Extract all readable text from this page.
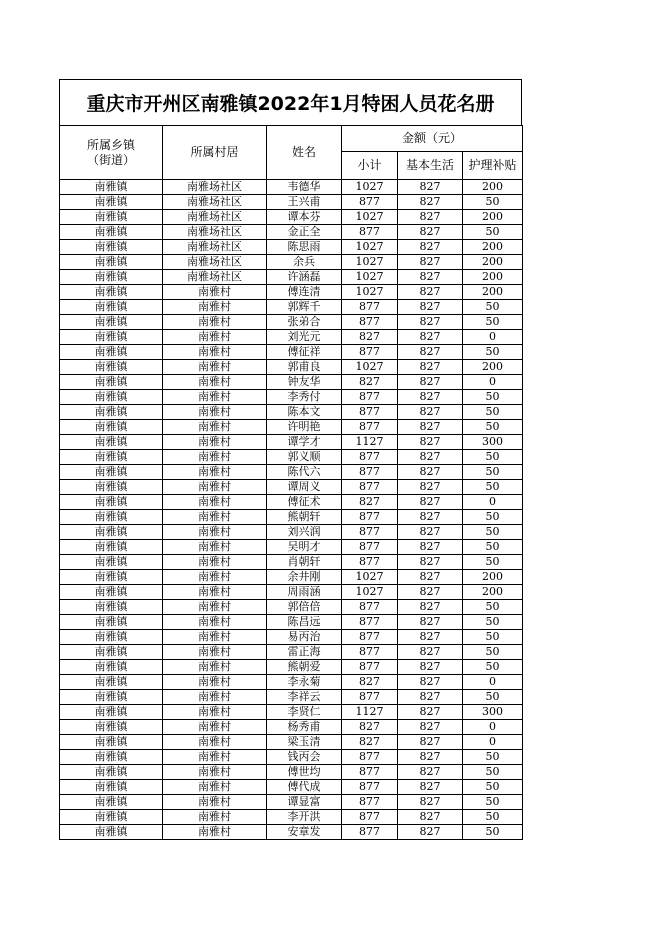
重庆市开州区南雅镇2022年1月特困人员花名册
所属乡镇
（街道）	所属村居	姓名	金额（元）		
			小计	基本生活	护理补贴
南雅镇	南雅场社区	韦德华	1027	827	200
南雅镇	南雅场社区	王兴甫	877	827	50
南雅镇	南雅场社区	谭本芬	1027	827	200
南雅镇	南雅场社区	金正全	877	827	50
南雅镇	南雅场社区	陈思雨	1027	827	200
南雅镇	南雅场社区	余兵	1027	827	200
南雅镇	南雅场社区	许涵磊	1027	827	200
南雅镇	南雅村	傅连清	1027	827	200
南雅镇	南雅村	郭辉千	877	827	50
南雅镇	南雅村	张弟合	877	827	50
南雅镇	南雅村	刘光元	827	827	0
南雅镇	南雅村	傅征祥	877	827	50
南雅镇	南雅村	郭甫良	1027	827	200
南雅镇	南雅村	钟友华	827	827	0
南雅镇	南雅村	李秀付	877	827	50
南雅镇	南雅村	陈本文	877	827	50
南雅镇	南雅村	许明艳	877	827	50
南雅镇	南雅村	谭学才	1127	827	300
南雅镇	南雅村	郭义顺	877	827	50
南雅镇	南雅村	陈代六	877	827	50
南雅镇	南雅村	谭周义	877	827	50
南雅镇	南雅村	傅征术	827	827	0
南雅镇	南雅村	熊朝轩	877	827	50
南雅镇	南雅村	刘兴润	877	827	50
南雅镇	南雅村	吴明才	877	827	50
南雅镇	南雅村	肖朝轩	877	827	50
南雅镇	南雅村	余井刚	1027	827	200
南雅镇	南雅村	周雨涵	1027	827	200
南雅镇	南雅村	郭倍倍	877	827	50
南雅镇	南雅村	陈昌远	877	827	50
南雅镇	南雅村	易丙治	877	827	50
南雅镇	南雅村	雷正海	877	827	50
南雅镇	南雅村	熊朝爱	877	827	50
南雅镇	南雅村	李永菊	827	827	0
南雅镇	南雅村	李祥云	877	827	50
南雅镇	南雅村	李贤仁	1127	827	300
南雅镇	南雅村	杨秀甫	827	827	0
南雅镇	南雅村	梁玉清	827	827	0
南雅镇	南雅村	钱丙会	877	827	50
南雅镇	南雅村	傅世均	877	827	50
南雅镇	南雅村	傅代成	877	827	50
南雅镇	南雅村	谭显富	877	827	50
南雅镇	南雅村	李开洪	877	827	50
南雅镇	南雅村	安章发	877	827	50
